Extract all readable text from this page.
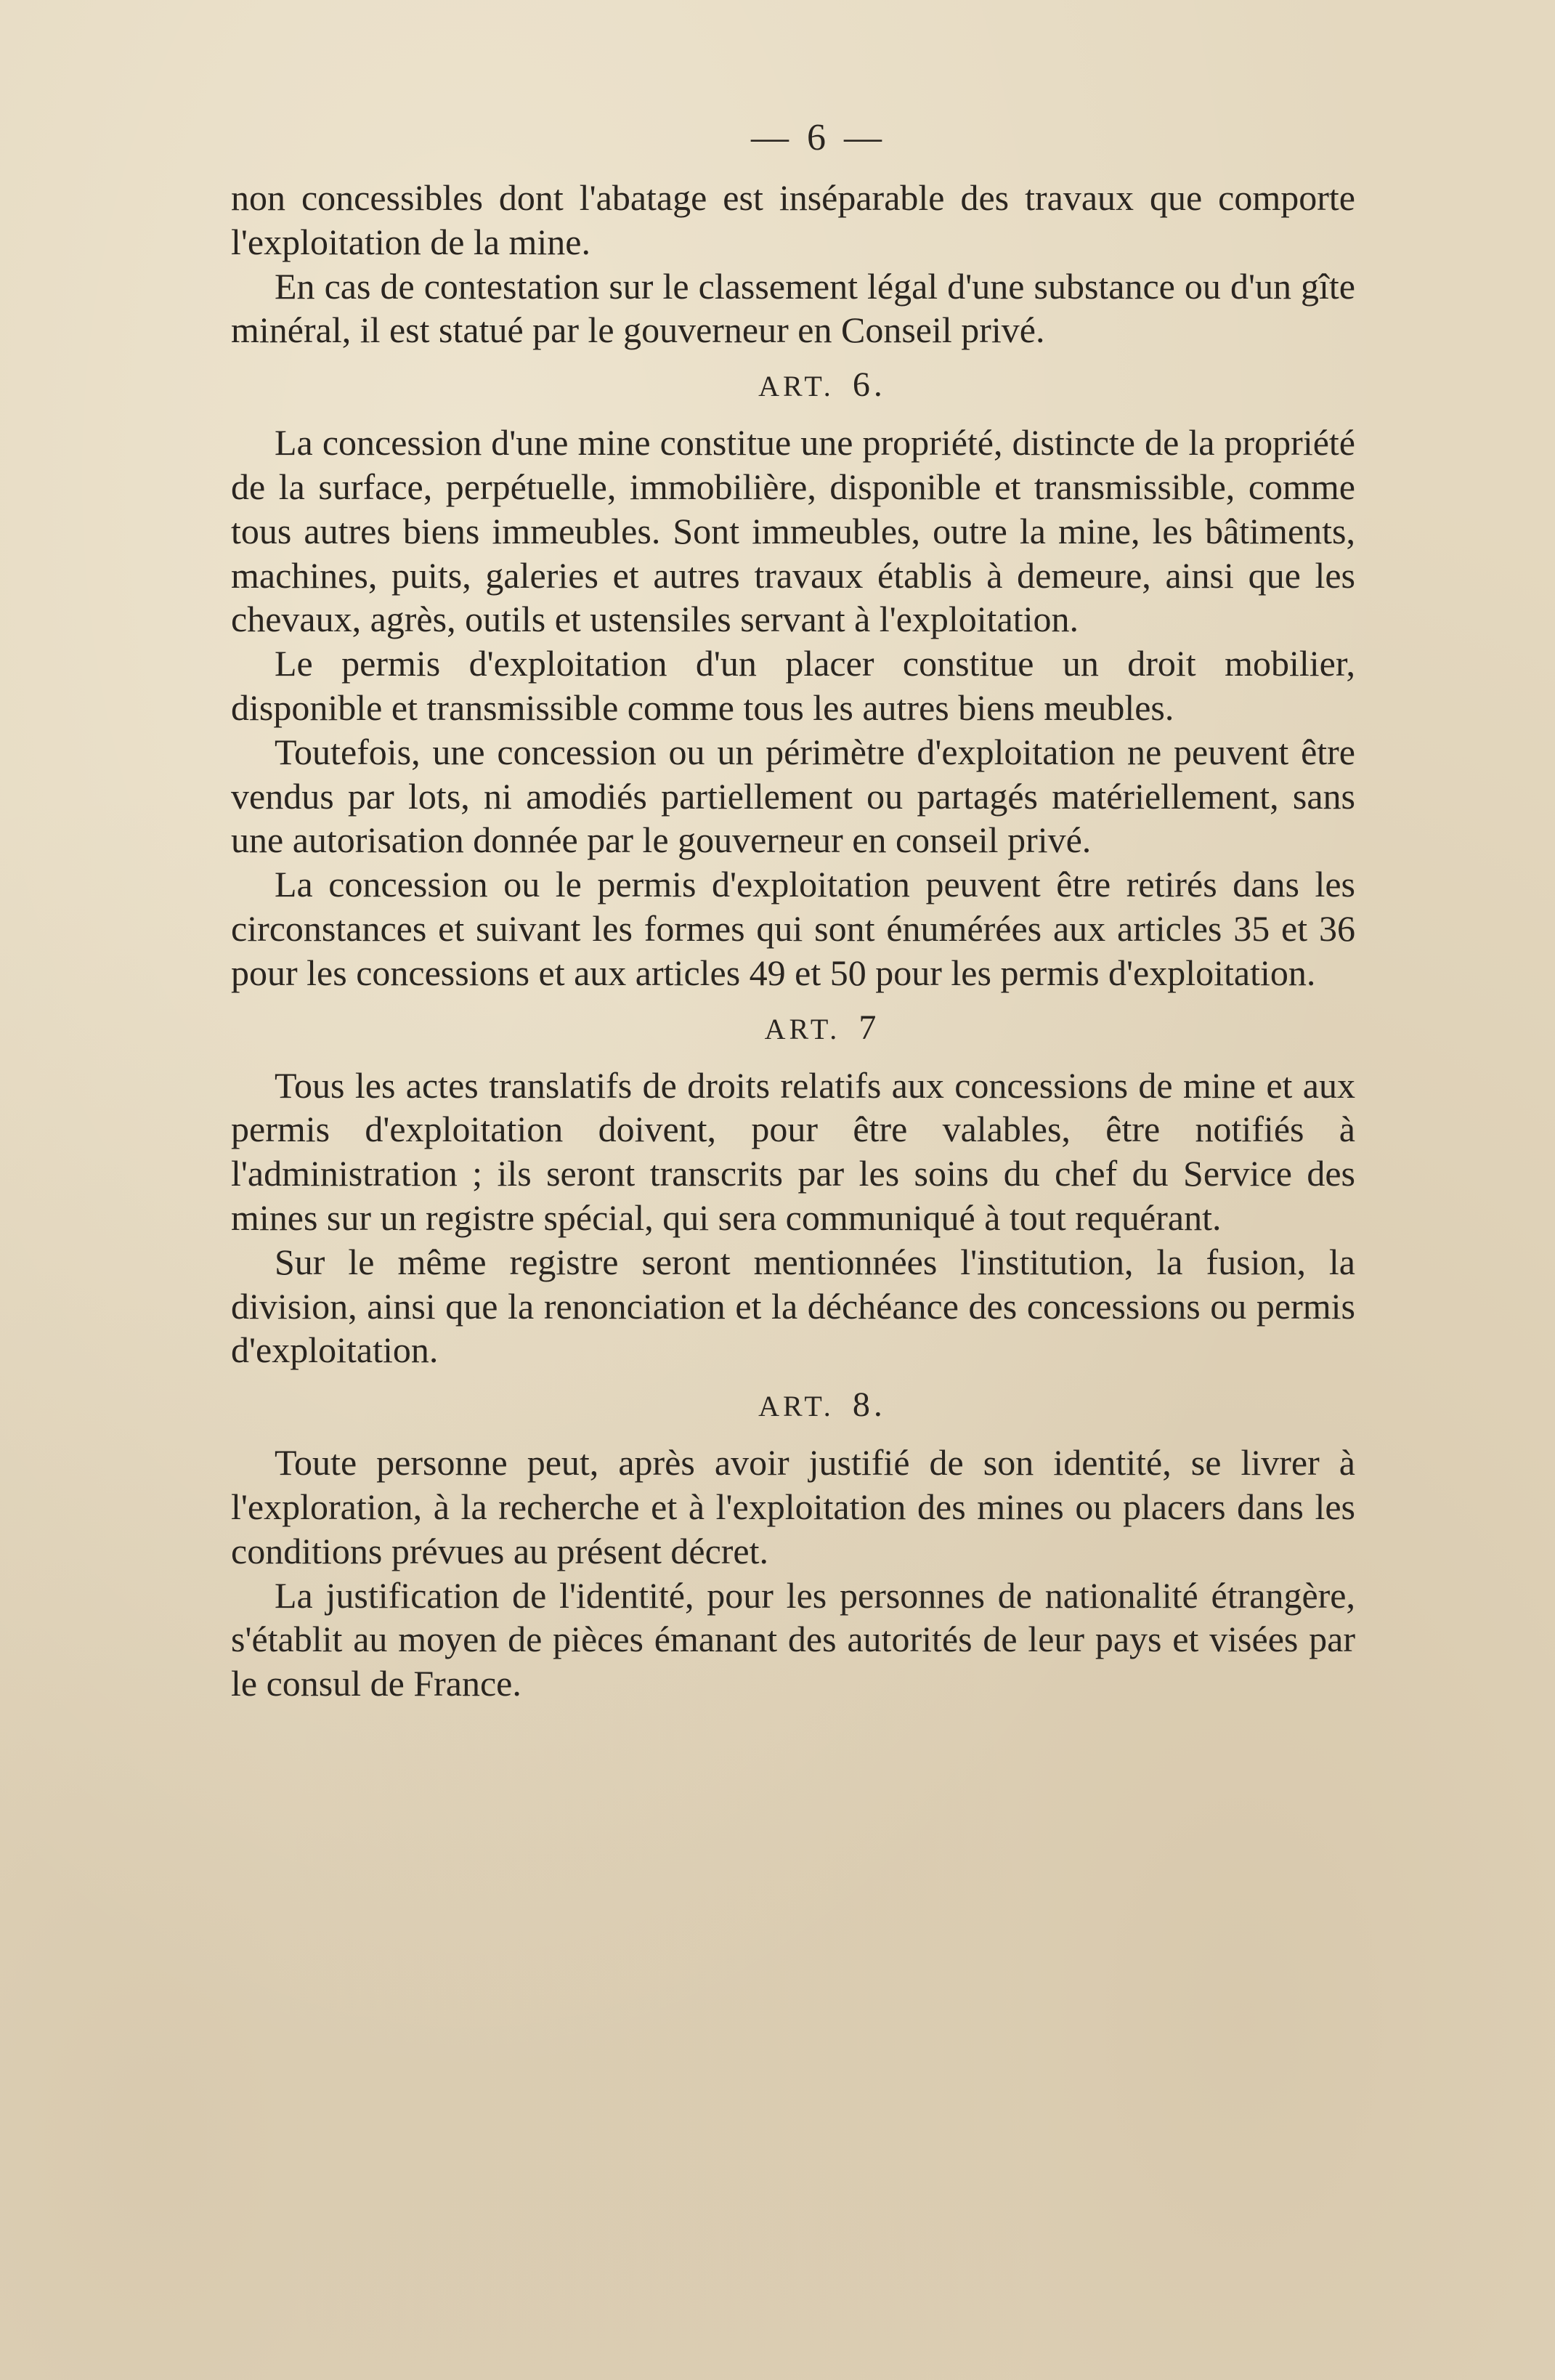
— 6 —

non concessibles dont l'abatage est inséparable des travaux que comporte l'exploitation de la mine.

En cas de contestation sur le classement légal d'une substance ou d'un gîte minéral, il est statué par le gouverneur en Conseil privé.

ART. 6.

La concession d'une mine constitue une propriété, distincte de la propriété de la surface, perpétuelle, immobilière, disponible et transmissible, comme tous autres biens immeubles. Sont immeubles, outre la mine, les bâtiments, machines, puits, galeries et autres travaux établis à demeure, ainsi que les chevaux, agrès, outils et ustensiles servant à l'exploitation.

Le permis d'exploitation d'un placer constitue un droit mobilier, disponible et transmissible comme tous les autres biens meubles.

Toutefois, une concession ou un périmètre d'exploitation ne peuvent être vendus par lots, ni amodiés partiellement ou partagés matériellement, sans une autorisation donnée par le gouverneur en conseil privé.

La concession ou le permis d'exploitation peuvent être retirés dans les circonstances et suivant les formes qui sont énumérées aux articles 35 et 36 pour les concessions et aux articles 49 et 50 pour les permis d'exploitation.

ART. 7

Tous les actes translatifs de droits relatifs aux concessions de mine et aux permis d'exploitation doivent, pour être valables, être notifiés à l'administration ; ils seront transcrits par les soins du chef du Service des mines sur un registre spécial, qui sera communiqué à tout requérant.

Sur le même registre seront mentionnées l'institution, la fusion, la division, ainsi que la renonciation et la déchéance des concessions ou permis d'exploitation.

ART. 8.

Toute personne peut, après avoir justifié de son identité, se livrer à l'exploration, à la recherche et à l'exploitation des mines ou placers dans les conditions prévues au présent décret.

La justification de l'identité, pour les personnes de nationalité étrangère, s'établit au moyen de pièces émanant des autorités de leur pays et visées par le consul de France.
